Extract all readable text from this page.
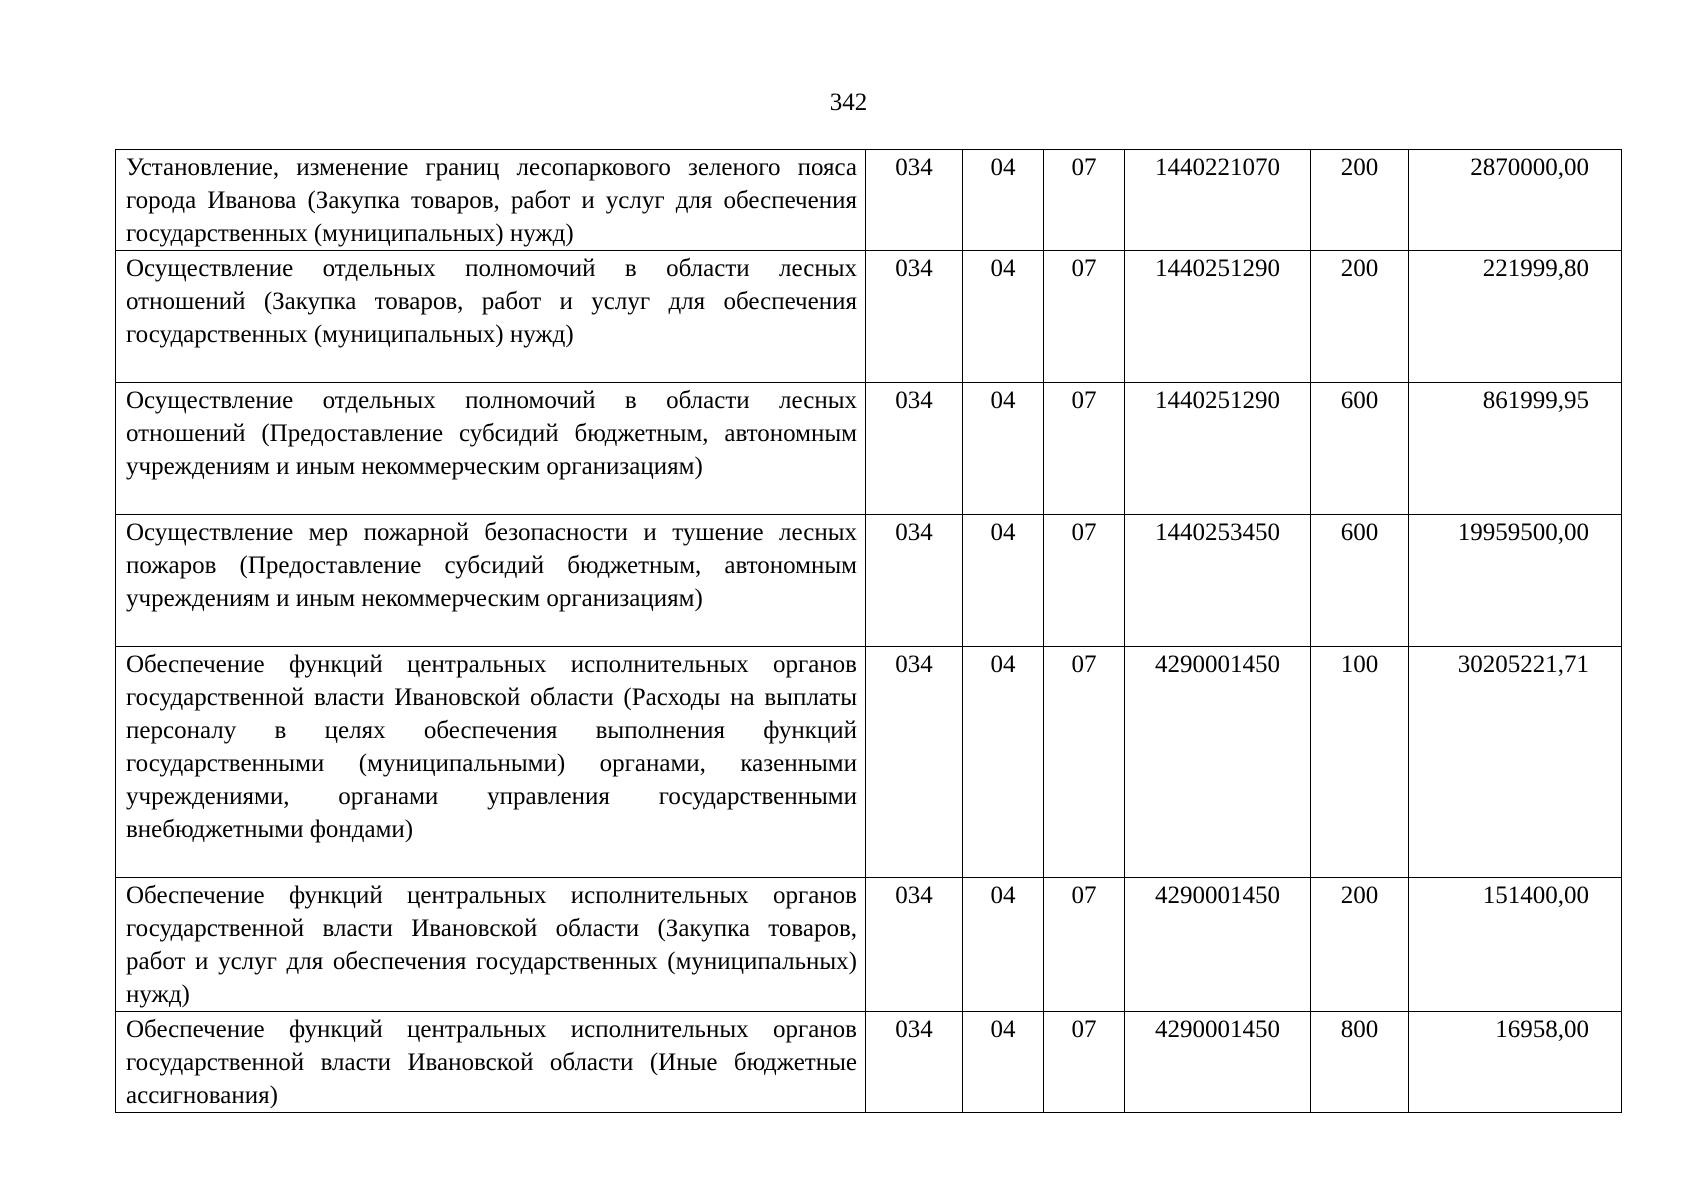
342
Установление, изменение границ лесопаркового зеленого пояса города Иванова (Закупка товаров, работ и услуг для обеспечения государственных (муниципальных) нужд)	034	04	07	1440221070	200	2870000,00
Осуществление отдельных полномочий в области лесных отношений (Закупка товаров, работ и услуг для обеспечения государственных (муниципальных) нужд)	034	04	07	1440251290	200	221999,80
Осуществление отдельных полномочий в области лесных отношений (Предоставление субсидий бюджетным, автономным учреждениям и иным некоммерческим организациям)	034	04	07	1440251290	600	861999,95
Осуществление мер пожарной безопасности и тушение лесных пожаров (Предоставление субсидий бюджетным, автономным учреждениям и иным некоммерческим организациям)	034	04	07	1440253450	600	19959500,00
Обеспечение функций центральных исполнительных органов государственной власти Ивановской области (Расходы на выплаты персоналу в целях обеспечения выполнения функций государственными (муниципальными) органами, казенными учреждениями, органами управления государственными внебюджетными фондами)	034	04	07	4290001450	100	30205221,71
Обеспечение функций центральных исполнительных органов государственной власти Ивановской области (Закупка товаров, работ и услуг для обеспечения государственных (муниципальных) нужд)	034	04	07	4290001450	200	151400,00
Обеспечение функций центральных исполнительных органов государственной власти Ивановской области (Иные бюджетные ассигнования)	034	04	07	4290001450	800	16958,00
